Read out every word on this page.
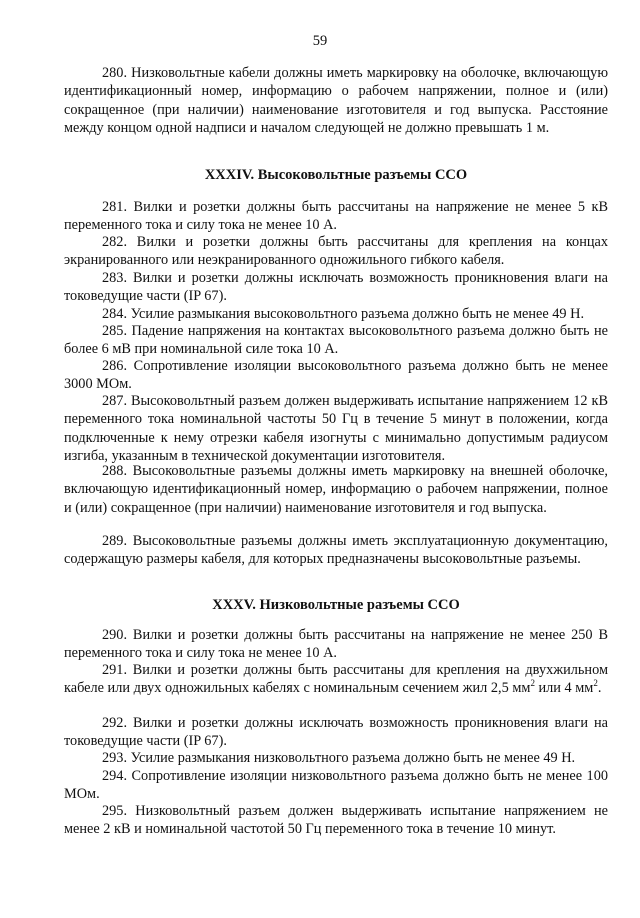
59

280. Низковольтные кабели должны иметь маркировку на оболочке, включающую идентификационный номер, информацию о рабочем напряжении, полное и (или) сокращенное (при наличии) наименование изготовителя и год выпуска. Расстояние между концом одной надписи и началом следующей не должно превышать 1 м.

XXXIV. Высоковольтные разъемы ССО

281. Вилки и розетки должны быть рассчитаны на напряжение не менее 5 кВ переменного тока и силу тока не менее 10 А.

282. Вилки и розетки должны быть рассчитаны для крепления на концах экранированного или неэкранированного одножильного гибкого кабеля.

283. Вилки и розетки должны исключать возможность проникновения влаги на токоведущие части (IP 67).

284. Усилие размыкания высоковольтного разъема должно быть не менее 49 Н.

285. Падение напряжения на контактах высоковольтного разъема должно быть не более 6 мВ при номинальной силе тока 10 А.

286. Сопротивление изоляции высоковольтного разъема должно быть не менее 3000 МОм.

287. Высоковольтный разъем должен выдерживать испытание напряжением 12 кВ переменного тока номинальной частоты 50 Гц в течение 5 минут в положении, когда подключенные к нему отрезки кабеля изогнуты с минимально допустимым радиусом изгиба, указанным в технической документации изготовителя.

288. Высоковольтные разъемы должны иметь маркировку на внешней оболочке, включающую идентификационный номер, информацию о рабочем напряжении, полное и (или) сокращенное (при наличии) наименование изготовителя и год выпуска.

289. Высоковольтные разъемы должны иметь эксплуатационную документацию, содержащую размеры кабеля, для которых предназначены высоковольтные разъемы.

XXXV. Низковольтные разъемы ССО

290. Вилки и розетки должны быть рассчитаны на напряжение не менее 250 В переменного тока и силу тока не менее 10 А.

291. Вилки и розетки должны быть рассчитаны для крепления на двухжильном кабеле или двух одножильных кабелях с номинальным сечением жил 2,5 $мм^2$ или 4 $мм^2$.

292. Вилки и розетки должны исключать возможность проникновения влаги на токоведущие части (IP 67).

293. Усилие размыкания низковольтного разъема должно быть не менее 49 Н.

294. Сопротивление изоляции низковольтного разъема должно быть не менее 100 МОм.

295. Низковольтный разъем должен выдерживать испытание напряжением не менее 2 кВ и номинальной частотой 50 Гц переменного тока в течение 10 минут.
